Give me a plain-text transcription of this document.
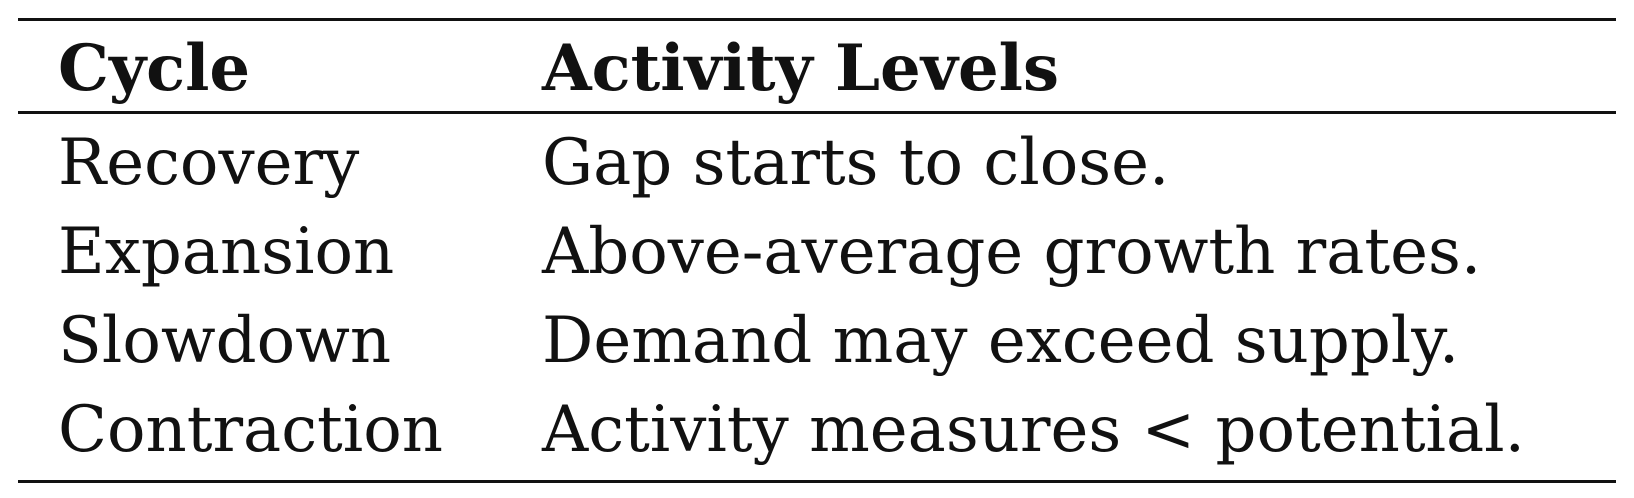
Cycle	Activity Levels
Recovery	Gap starts to close.
Expansion	Above-average growth rates.
Slowdown	Demand may exceed supply.
Contraction	Activity measures < potential.
